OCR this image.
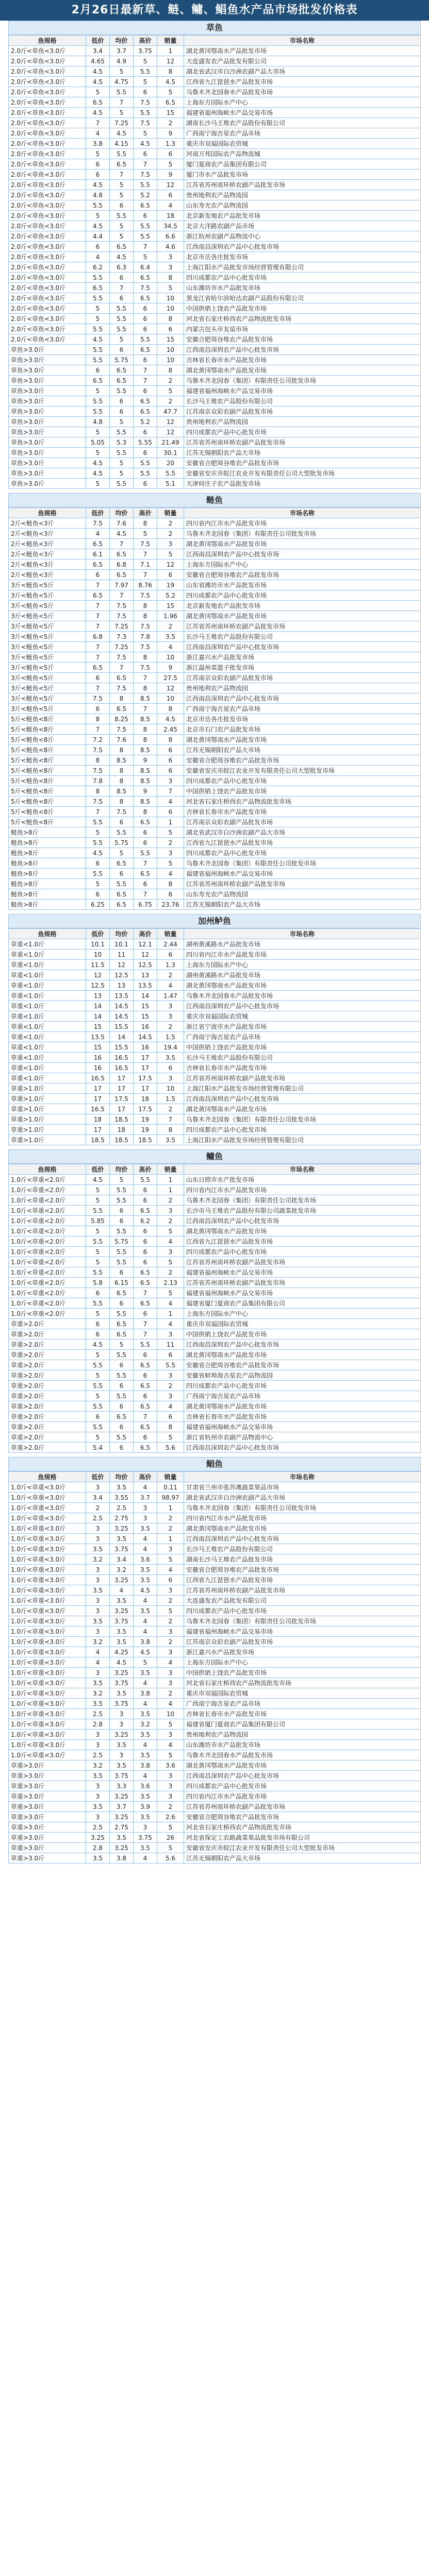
2月26日最新草、鲢、鳙、鲳鱼水产品市场批发价格表
草鱼
鱼规格	低价	均价	高价	销量	市场名称
2.0斤<草鱼<3.0斤	3.4	3.7	3.75	1	湖北黄冈鄂南水产品批发市场
2.0斤<草鱼<3.0斤	4.65	4.9	5	12	大连盛发农产品批发有限公司
2.0斤<草鱼<3.0斤	4.5	5	5.5	8	湖北省武汉市白沙洲农副产品大市场
2.0斤<草鱼<3.0斤	4.5	4.75	5	4.5	江西省九江琵琶水产品批发市场
2.0斤<草鱼<3.0斤	5	5.5	6	5	乌鲁木齐北园春水产品批发市场
2.0斤<草鱼<3.0斤	6.5	7	7.5	6.5	上海东方国际水产中心
2.0斤<草鱼<3.0斤	4.5	5	5.5	15	福建省福州海峡水产品交易市场
2.0斤<草鱼<3.0斤	7	7.25	7.5	2	湖南长沙马王堆农产品股份有限公司
2.0斤<草鱼<3.0斤	4	4.5	5	9	广西南宁海吉星农产品市场
2.0斤<草鱼<3.0斤	3.8	4.15	4.5	1.3	重庆市双福国际农贸城
2.0斤<草鱼<3.0斤	5	5.5	6	6	河南万邦国际农产品物流城
2.0斤<草鱼<3.0斤	6	6.5	7	5	厦门夏商农产品集团有限公司
2.0斤<草鱼<3.0斤	6	7	7.5	9	厦门市水产品批发市场
2.0斤<草鱼<3.0斤	4.5	5	5.5	12	江苏省苏州南环桥农副产品批发市场
2.0斤<草鱼<3.0斤	4.8	5	5.2	6	贵州地利农产品物流园
2.0斤<草鱼<3.0斤	5.5	6	6.5	4	山东寿光农产品物流园
2.0斤<草鱼<3.0斤	5	5.5	6	18	北京新发地农产品批发市场
2.0斤<草鱼<3.0斤	4.5	5	5.5	34.5	北京大洋路农副产品市场
2.0斤<草鱼<3.0斤	4.4	5	5.5	6.6	浙江杭州农副产品物流中心
2.0斤<草鱼<3.0斤	6	6.5	7	4.6	江西南昌深圳农产品中心批发市场
2.0斤<草鱼<3.0斤	4	4.5	5	3	北京市岳各庄批发市场
2.0斤<草鱼<3.0斤	6.2	6.3	6.4	3	上海江阳水产品批发市场经营管理有限公司
2.0斤<草鱼<3.0斤	5.5	6	6.5	8	四川成都农产品中心批发市场
2.0斤<草鱼<3.0斤	6.5	7	7.5	5	山东潍坊市水产品批发市场
2.0斤<草鱼<3.0斤	5.5	6	6.5	10	黑龙江省哈尔滨哈达农副产品股份有限公司
2.0斤<草鱼<3.0斤	5	5.5	6	10	中国供销上饶农产品批发市场
2.0斤<草鱼<3.0斤	5	5.5	6	8	河北省石家庄桥西农产品物流批发市场
2.0斤<草鱼<3.0斤	5.5	5.5	6	6	内蒙古包头市友谊市场
2.0斤<草鱼<3.0斤	4.5	5	5.5	15	安徽合肥周谷堆农产品批发市场
草鱼>3.0斤	5.5	6	6.5	10	江西南昌深圳农产品中心批发市场
草鱼>3.0斤	5.5	5.75	6	10	吉林省长春市水产品批发市场
草鱼>3.0斤	6	6.5	7	8	湖北黄冈鄂南水产品批发市场
草鱼>3.0斤	6.5	6.5	7	2	乌鲁木齐北园春（集团）有限责任公司批发市场
草鱼>3.0斤	5	5.5	6	5	福建省福州海峡水产品交易市场
草鱼>3.0斤	5.5	6	6.5	2	长沙马王堆农产品股份有限公司
草鱼>3.0斤	5.5	6	6.5	47.7	江苏南京众彩农副产品批发市场
草鱼>3.0斤	4.8	5	5.2	12	贵州地利农产品物流园
草鱼>3.0斤	5	5.5	6	12	四川成都农产品中心批发市场
草鱼>3.0斤	5.05	5.3	5.55	21.49	江苏省苏州南环桥农副产品批发市场
草鱼>3.0斤	5	5.5	6	30.1	江苏无锡朝阳农产品大市场
草鱼>3.0斤	4.5	5	5.5	20	安徽省合肥周谷堆农产品批发市场
草鱼>3.0斤	4.5	5	5.5	5.5	安徽省安庆市皖江农业开发有限责任公司大型批发市场
草鱼>3.0斤	5	5.5	6	5.1	天津何庄子农产品批发市场
鲢鱼
鱼规格	低价	均价	高价	销量	市场名称
2斤<鲢鱼<3斤	7.5	7.6	8	2	四川省内江市水产品批发市场
2斤<鲢鱼<3斤	4	4.5	5	2	乌鲁木齐北园春（集团）有限责任公司批发市场
2斤<鲢鱼<3斤	6.5	7	7.5	3	湖北黄冈鄂南水产品批发市场
2斤<鲢鱼<3斤	6.1	6.5	7	5	江西南昌深圳农产品中心批发市场
2斤<鲢鱼<3斤	6.5	6.8	7.1	12	上海东方国际水产中心
2斤<鲢鱼<3斤	6	6.5	7	6	安徽省合肥周谷堆农产品批发市场
3斤<鲢鱼<5斤	7	7.97	8.76	19	山东省潍坊市水产品批发市场
3斤<鲢鱼<5斤	6.5	7	7.5	5.2	四川成都农产品中心批发市场
3斤<鲢鱼<5斤	7	7.5	8	15	北京新发地农产品批发市场
3斤<鲢鱼<5斤	7	7.5	8	1.96	湖北黄冈鄂南水产品批发市场
3斤<鲢鱼<5斤	7	7.25	7.5	2	江苏省苏州南环桥农副产品批发市场
3斤<鲢鱼<5斤	6.8	7.3	7.8	3.5	长沙马王堆农产品股份有限公司
3斤<鲢鱼<5斤	7	7.25	7.5	4	江西南昌深圳农产品中心批发市场
3斤<鲢鱼<5斤	7	7.5	8	10	浙江嘉兴水产品批发市场
3斤<鲢鱼<5斤	6.5	7	7.5	9	浙江温州菜篮子批发市场
3斤<鲢鱼<5斤	6	6.5	7	27.5	江苏南京众彩农副产品批发市场
3斤<鲢鱼<5斤	7	7.5	8	12	贵州地利农产品物流园
3斤<鲢鱼<5斤	7.5	8	8.5	10	江西南昌深圳农产品中心批发市场
3斤<鲢鱼<5斤	6	6.5	7	8	广西南宁海吉星农产品市场
5斤<鲢鱼<8斤	8	8.25	8.5	4.5	北京市岳各庄批发市场
5斤<鲢鱼<8斤	7	7.5	8	2.45	北京市石门农产品批发市场
5斤<鲢鱼<8斤	7.2	7.6	8	8	湖北黄冈鄂南水产品批发市场
5斤<鲢鱼<8斤	7.5	8	8.5	6	江苏无锡朝阳农产品大市场
5斤<鲢鱼<8斤	8	8.5	9	6	安徽省合肥周谷堆农产品批发市场
5斤<鲢鱼<8斤	7.5	8	8.5	6	安徽省安庆市皖江农业开发有限责任公司大型批发市场
5斤<鲢鱼<8斤	7.8	8	8.5	3	四川成都农产品中心批发市场
5斤<鲢鱼<8斤	8	8.5	9	7	中国供销上饶农产品批发市场
5斤<鲢鱼<8斤	7.5	8	8.5	4	河北省石家庄桥西农产品物流批发市场
5斤<鲢鱼<8斤	7	7.5	8	6	吉林省长春市水产品批发市场
5斤<鲢鱼<8斤	5.5	6	6.5	1	江苏南京众彩农副产品批发市场
鲢鱼>8斤	5	5.5	6	5	湖北省武汉市白沙洲农副产品大市场
鲢鱼>8斤	5.5	5.75	6	2	江西省九江琵琶水产品批发市场
鲢鱼>8斤	4.5	5	5.5	3	四川成都农产品中心批发市场
鲢鱼>8斤	6	6.5	7	5	乌鲁木齐北园春（集团）有限责任公司批发市场
鲢鱼>8斤	5.5	6	6.5	4	福建省福州海峡水产品交易市场
鲢鱼>8斤	5	5.5	6	8	江苏省苏州南环桥农副产品批发市场
鲢鱼>8斤	6	6.5	7	6	山东寿光农产品物流园
鲢鱼>8斤	6.25	6.5	6.75	23.76	江苏无锡朝阳农产品大市场
加州鲈鱼
鱼规格	低价	均价	高价	销量	市场名称
草重<1.0斤	10.1	10.1	12.1	2.44	湖州黄溪路水产品批发市场
草重<1.0斤	10	11	12	6	四川省内江市水产品批发市场
草重<1.0斤	11.5	12	12.5	1.3	上海东方国际水产中心
草重<1.0斤	12	12.5	13	2	湖州黄溪路水产品批发市场
草重<1.0斤	12.5	13	13.5	4	湖北黄冈鄂南水产品批发市场
草重<1.0斤	13	13.5	14	1.47	乌鲁木齐北园春水产品批发市场
草重<1.0斤	14	14.5	15	3	江西南昌深圳农产品中心批发市场
草重<1.0斤	14	14.5	15	3	重庆市双福国际农贸城
草重<1.0斤	15	15.5	16	2	浙江省宁波市水产品批发市场
草重<1.0斤	13.5	14	14.5	1.5	广西南宁海吉星农产品市场
草重<1.0斤	15	15.5	16	19.4	中国供销上饶农产品批发市场
草重<1.0斤	16	16.5	17	3.5	长沙马王堆农产品股份有限公司
草重<1.0斤	16	16.5	17	6	吉林省长春市水产品批发市场
草重<1.0斤	16.5	17	17.5	3	江苏省苏州南环桥农副产品批发市场
草重>1.0斤	17	17	17	10	上海江阳水产品批发市场经营管理有限公司
草重>1.0斤	17	17.5	18	1.5	江西南昌深圳农产品中心批发市场
草重>1.0斤	16.5	17	17.5	2	湖北黄冈鄂南水产品批发市场
草重>1.0斤	18	18.5	19	7	乌鲁木齐北园春（集团）有限责任公司批发市场
草重>1.0斤	17	18	19	8	四川成都农产品中心批发市场
草重>1.0斤	18.5	18.5	18.5	3.5	上海江阳水产品批发市场经营管理有限公司
鳙鱼
鱼规格	低价	均价	高价	销量	市场名称
1.0斤<草重<2.0斤	4.5	5	5.5	1	山东日照市水产批发市场
1.0斤<草重<2.0斤	5	5.5	6	1	四川省内江市水产品批发市场
1.0斤<草重<2.0斤	5	5.5	6	2	乌鲁木齐北园春（集团）有限责任公司批发市场
1.0斤<草重<2.0斤	5.5	6	6.5	3	长沙市马王堆农产品股份有限公司蔬菜批发市场
1.0斤<草重<2.0斤	5.85	6	6.2	2	江西南昌深圳农产品中心批发市场
1.0斤<草重<2.0斤	5	5.5	6	5	湖北黄冈鄂南水产品批发市场
1.0斤<草重<2.0斤	5.5	5.75	6	4	江西省九江琵琶水产品批发市场
1.0斤<草重<2.0斤	5	5.5	6	3	四川成都农产品中心批发市场
1.0斤<草重<2.0斤	5	5.5	6	5	江苏省苏州南环桥农副产品批发市场
1.0斤<草重<2.0斤	5.5	6	6.5	2	福建省福州海峡水产品交易市场
1.0斤<草重<2.0斤	5.8	6.15	6.5	2.13	江苏省苏州南环桥农副产品批发市场
1.0斤<草重<2.0斤	6	6.5	7	5	福建省福州海峡水产品交易市场
1.0斤<草重<2.0斤	5.5	6	6.5	4	福建省厦门夏商农产品集团有限公司
1.0斤<草重<2.0斤	5	5.5	6	1	上海东方国际水产中心
草重>2.0斤	6	6.5	7	4	重庆市双福国际农贸城
草重>2.0斤	6	6.5	7	3	中国供销上饶农产品批发市场
草重>2.0斤	4.5	5	5.5	11	江西南昌深圳农产品中心批发市场
草重>2.0斤	5	5.5	6	6	湖北黄冈鄂南水产品批发市场
草重>2.0斤	5.5	6	6.5	5.5	安徽省合肥周谷堆农产品批发市场
草重>2.0斤	5	5.5	6	3	安徽省蚌埠海吉星农产品物流园
草重>2.0斤	5.5	6	6.5	2	四川成都农产品中心批发市场
草重>2.0斤	5	5.5	6	3	广西南宁海吉星农产品市场
草重>2.0斤	5.5	6	6.5	4	湖北黄冈鄂南水产品批发市场
草重>2.0斤	6	6.5	7	6	吉林省长春市水产品批发市场
草重>2.0斤	5.5	6	6.5	8	福建省福州海峡水产品交易市场
草重>2.0斤	5	5.5	6	5	浙江省杭州市农副产品物流中心
草重>2.0斤	5.4	6	6.5	5.6	江西南昌深圳农产品中心批发市场
鲳鱼
鱼规格	低价	均价	高价	销量	市场名称
1.0斤<草重<3.0斤	3	3.5	4	0.11	甘肃省兰州市张苏滩蔬菜果品市场
1.0斤<草重<3.0斤	3.4	3.55	3.7	98.97	湖北省武汉市白沙洲农副产品大市场
1.0斤<草重<3.0斤	2	2.5	3	1	乌鲁木齐北园春（集团）有限责任公司批发市场
1.0斤<草重<3.0斤	2.5	2.75	3	2	四川省内江市水产品批发市场
1.0斤<草重<3.0斤	3	3.25	3.5	2	湖北黄冈鄂南水产品批发市场
1.0斤<草重<3.0斤	3	3.5	4	1	江西南昌深圳农产品中心批发市场
1.0斤<草重<3.0斤	3.5	3.75	4	3	长沙马王堆农产品股份有限公司
1.0斤<草重<3.0斤	3.2	3.4	3.6	5	湖南长沙马王堆农产品批发市场
1.0斤<草重<3.0斤	3	3.2	3.5	4	安徽省合肥周谷堆农产品批发市场
1.0斤<草重<3.0斤	3	3.25	3.5	6	江西省九江琵琶水产品批发市场
1.0斤<草重<3.0斤	3.5	4	4.5	3	江苏省苏州南环桥农副产品批发市场
1.0斤<草重<3.0斤	3	3.5	4	2	大连盛发农产品批发有限公司
1.0斤<草重<3.0斤	3	3.25	3.5	5	四川成都农产品中心批发市场
1.0斤<草重<3.0斤	3.5	3.75	4	2	乌鲁木齐北园春（集团）有限责任公司批发市场
1.0斤<草重<3.0斤	3	3.5	4	3	福建省福州海峡水产品交易市场
1.0斤<草重<3.0斤	3.2	3.5	3.8	2	江苏南京众彩农副产品批发市场
1.0斤<草重<3.0斤	4	4.25	4.5	3	浙江嘉兴水产品批发市场
1.0斤<草重<3.0斤	4	4.5	5	4	上海东方国际水产中心
1.0斤<草重<3.0斤	3	3.25	3.5	3	中国供销上饶农产品批发市场
1.0斤<草重<3.0斤	3.5	3.75	4	3	河北省石家庄桥西农产品物流批发市场
1.0斤<草重<3.0斤	3.2	3.5	3.8	2	重庆市双福国际农贸城
1.0斤<草重<3.0斤	3.5	3.75	4	4	广西南宁海吉星农产品市场
1.0斤<草重<3.0斤	2.5	3	3.5	10	吉林省长春市水产品批发市场
1.0斤<草重<3.0斤	2.8	3	3.2	5	福建省厦门夏商农产品集团有限公司
1.0斤<草重<3.0斤	3	3.25	3.5	3	贵州地利农产品物流园
1.0斤<草重<3.0斤	3	3.5	4	4	山东潍坊市水产品批发市场
1.0斤<草重<3.0斤	2.5	3	3.5	5	乌鲁木齐北园春水产品批发市场
草重>3.0斤	3.2	3.5	3.8	3.6	湖北黄冈鄂南水产品批发市场
草重>3.0斤	3.5	3.75	4	3	江西南昌深圳农产品中心批发市场
草重>3.0斤	3	3.3	3.6	3	四川成都农产品中心批发市场
草重>3.0斤	3	3.25	3.5	3	四川省内江市水产品批发市场
草重>3.0斤	3.5	3.7	3.9	2	江苏省苏州南环桥农副产品批发市场
草重>3.0斤	3	3.25	3.5	2.6	安徽省合肥周谷堆农产品批发市场
草重>3.0斤	2.5	2.75	3	5	河北省石家庄桥西农产品物流批发市场
草重>3.0斤	3.25	3.5	3.75	26	河北省保定工农路蔬菜果品批发市场有限公司
草重>3.0斤	2.8	3.25	3.5	5	安徽省安庆市皖江农业开发有限责任公司大型批发市场
草重>3.0斤	3.5	3.8	4	5.6	江苏无锡朝阳农产品大市场
